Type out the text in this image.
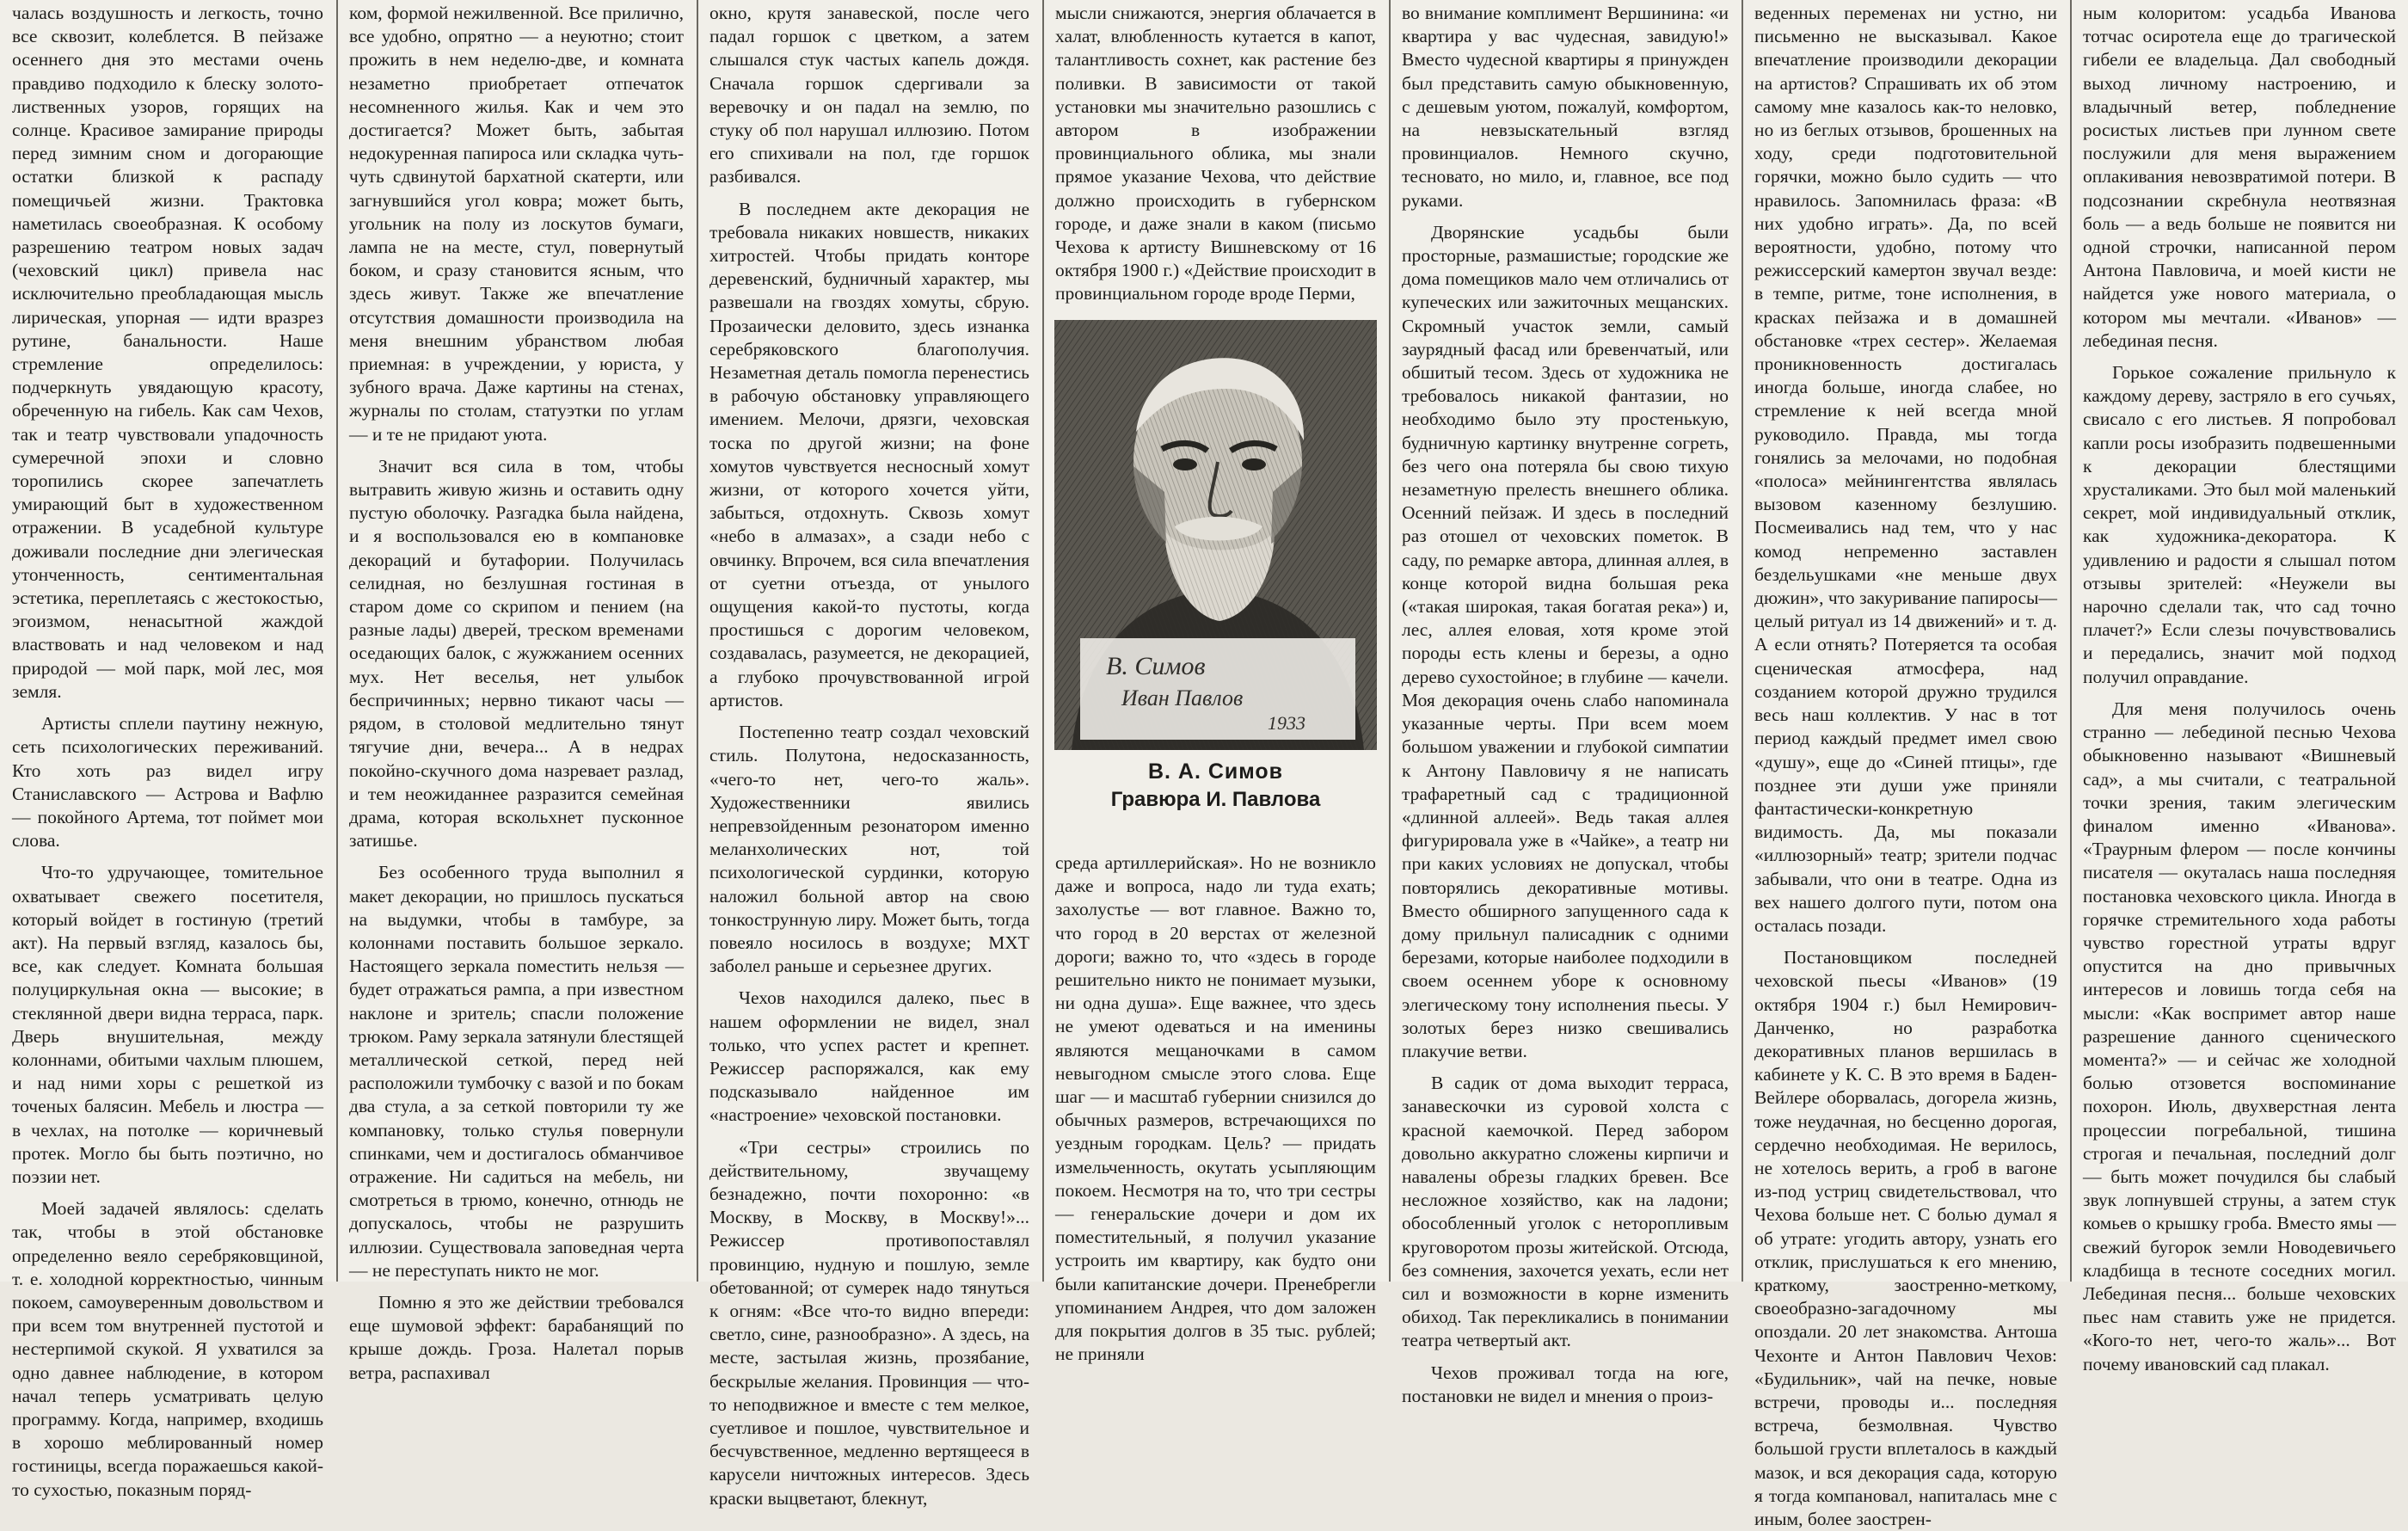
чалась воздушность и легкость, точно все сквозит, колеблется. В пейзаже осеннего дня это местами очень правдиво подходило к блеску золото-лиственных узоров, горящих на солнце. Красивое замирание природы перед зимним сном и догорающие остатки близкой к распаду помещичьей жизни. Трактовка наметилась своеобразная. К особому разрешению театром новых задач (чеховский цикл) привела нас исключительно преобладающая мысль лирическая, упорная — идти вразрез рутине, банальности. Наше стремление определилось: подчеркнуть увядающую красоту, обреченную на гибель. Как сам Чехов, так и театр чувствовали упадочность сумеречной эпохи и словно торопились скорее запечатлеть умирающий быт в художественном отражении. В усадебной культуре доживали последние дни элегическая утонченность, сентиментальная эстетика, переплетаясь с жестокостью, эгоизмом, ненасытной жаждой властвовать и над человеком и над природой — мой парк, мой лес, моя земля.

Артисты сплели паутину нежную, сеть психологических переживаний. Кто хоть раз видел игру Станиславского — Астрова и Вафлю — покойного Артема, тот поймет мои слова.

Что-то удручающее, томительное охватывает свежего посетителя, который войдет в гостиную (третий акт). На первый взгляд, казалось бы, все, как следует. Комната большая полуциркульная окна — высокие; в стеклянной двери видна терраса, парк. Дверь внушительная, между колоннами, обитыми чахлым плюшем, и над ними хоры с решеткой из точеных балясин. Мебель и люстра — в чехлах, на потолке — коричневый протек. Могло бы быть поэтично, но поэзии нет.

Моей задачей являлось: сделать так, чтобы в этой обстановке определенно веяло серебряковщиной, т. е. холодной корректностью, чинным покоем, самоуверенным довольством и при всем том внутренней пустотой и нестерпимой скукой. Я ухватился за одно давнее наблюдение, в котором начал теперь усматривать целую программу. Когда, например, входишь в хорошо меблированный номер гостиницы, всегда поражаешься какой-то сухостью, показным поряд-

ком, формой нежилвенной. Все прилично, все удобно, опрятно — а неуютно; стоит прожить в нем неделю-две, и комната незаметно приобретает отпечаток несомненного жилья. Как и чем это достигается? Может быть, забытая недокуренная папироса или складка чуть-чуть сдвинутой бархатной скатерти, или загнувшийся угол ковра; может быть, угольник на полу из лоскутов бумаги, лампа не на месте, стул, повернутый боком, и сразу становится ясным, что здесь живут. Также же впечатление отсутствия домашности производила на меня внешним убранством любая приемная: в учреждении, у юриста, у зубного врача. Даже картины на стенах, журналы по столам, статуэтки по углам — и те не придают уюта.

Значит вся сила в том, чтобы вытравить живую жизнь и оставить одну пустую оболочку. Разгадка была найдена, и я воспользовался ею в компановке декораций и бутафории. Получилась селидная, но безлушная гостиная в старом доме со скрипом и пением (на разные лады) дверей, треском временами оседающих балок, с жужжанием осенних мух. Нет веселья, нет улыбок беспричинных; нервно тикают часы — рядом, в столовой медлительно тянут тягучие дни, вечера... А в недрах покойно-скучного дома назревает разлад, и тем неожиданнее разразится семейная драма, которая вскольхнет пусконное затишье.

Без особенного труда выполнил я макет декорации, но пришлось пускаться на выдумки, чтобы в тамбуре, за колоннами поставить большое зеркало. Настоящего зеркала поместить нельзя — будет отражаться рампа, а при известном наклоне и зритель; спасли положение трюком. Раму зеркала затянули блестящей металлической сеткой, перед ней расположили тумбочку с вазой и по бокам два стула, а за сеткой повторили ту же компановку, только стулья повернули спинками, чем и достигалось обманчивое отражение. Ни садиться на мебель, ни смотреться в трюмо, конечно, отнюдь не допускалось, чтобы не разрушить иллюзии. Существовала заповедная черта — не переступать никто не мог.

Помню я это же действии требовался еще шумовой эффект: барабанящий по крыше дождь. Гроза. Налетал порыв ветра, распахивал

окно, крутя занавеской, после чего падал горшок с цветком, а затем слышался стук частых капель дождя. Сначала горшок сдергивали за веревочку и он падал на землю, по стуку об пол нарушал иллюзию. Потом его спихивали на пол, где горшок разбивался.

В последнем акте декорация не требовала никаких новшеств, никаких хитростей. Чтобы придать конторе деревенский, будничный характер, мы развешали на гвоздях хомуты, сбрую. Прозаически деловито, здесь изнанка серебряковского благополучия. Незаметная деталь помогла перенестись в рабочую обстановку управляющего имением. Мелочи, дрязги, чеховская тоска по другой жизни; на фоне хомутов чувствуется несносный хомут жизни, от которого хочется уйти, забыться, отдохнуть. Сквозь хомут «небо в алмазах», а сзади небо с овчинку. Впрочем, вся сила впечатления от суетни отъезда, от унылого ощущения какой-то пустоты, когда простишься с дорогим человеком, создавалась, разумеется, не декорацией, а глубоко прочувствованной игрой артистов.

Постепенно театр создал чеховский стиль. Полутона, недосказанность, «чего-то нет, чего-то жаль». Художественники явились непревзойденным резонатором именно меланхолических нот, той психологической сурдинки, которую наложил больной автор на свою тонкострунную лиру. Может быть, тогда повеяло носилось в воздухе; МХТ заболел раньше и серьезнее других.

Чехов находился далеко, пьес в нашем оформлении не видел, знал только, что успех растет и крепнет. Режиссер распоряжался, как ему подсказывало найденное им «настроение» чеховской постановки.

«Три сестры» строились по действительному, звучащему безнадежно, почти похоронно: «в Москву, в Москву, в Москву!»... Режиссер противопоставлял провинцию, нудную и пошлую, земле обетованной; от сумерек надо тянуться к огням: «Все что-то видно впереди: светло, сине, разнообразно». А здесь, на месте, застылая жизнь, прозябание, бескрылые желания. Провинция — что-то неподвижное и вместе с тем мелкое, суетливое и пошлое, чувствительное и бесчувственное, медленно вертящееся в карусели ничтожных интересов. Здесь краски выцветают, блекнут,

мысли снижаются, энергия облачается в халат, влюбленность кутается в капот, талантливость сохнет, как растение без поливки. В зависимости от такой установки мы значительно разошлись с автором в изображении провинциального облика, мы знали прямое указание Чехова, что действие должно происходить в губернском городе, и даже знали в каком (письмо Чехова к артисту Вишневскому от 16 октября 1900 г.) «Действие происходит в провинциальном городе вроде Перми,

среда артиллерийская». Но не возникло даже и вопроса, надо ли туда ехать; захолустье — вот главное. Важно то, что город в 20 верстах от железной дороги; важно то, что «здесь в городе решительно никто не понимает музыки, ни одна душа». Еще важнее, что здесь не умеют одеваться и на именины являются мещаночками в самом невыгодном смысле этого слова. Еще шаг — и масштаб губернии снизился до обычных размеров, встречающихся по уездным городкам. Цель? — придать измельченность, окутать усыпляющим покоем. Несмотря на то, что три сестры — генеральские дочери и дом их поместительный, я получил указание устроить им квартиру, как будто они были капитанские дочери. Пренебрегли упоминанием Андрея, что дом заложен для покрытия долгов в 35 тыс. рублей; не приняли

В. Симов
Иван Павлов
1933
В. А. Симов
Гравюра И. Павлова

во внимание комплимент Вершинина: «и квартира у вас чудесная, завидую!» Вместо чудесной квартиры я принужден был представить самую обыкновенную, с дешевым уютом, пожалуй, комфортом, на невзыскательный взгляд провинциалов. Немного скучно, тесновато, но мило, и, главное, все под руками.

Дворянские усадьбы были просторные, размашистые; городские же дома помещиков мало чем отличались от купеческих или зажиточных мещанских. Скромный участок земли, самый заурядный фасад или бревенчатый, или обшитый тесом. Здесь от художника не требовалось никакой фантазии, но необходимо было эту простенькую, будничную картинку внутренне согреть, без чего она потеряла бы свою тихую незаметную прелесть внешнего облика. Осенний пейзаж. И здесь в последний раз отошел от чеховских пометок. В саду, по ремарке автора, длинная аллея, в конце которой видна большая река («такая широкая, такая богатая река») и, лес, аллея еловая, хотя кроме этой породы есть клены и березы, а одно дерево сухостойное; в глубине — качели. Моя декорация очень слабо напоминала указанные черты. При всем моем большом уважении и глубокой симпатии к Антону Павловичу я не написать трафаретный сад с традиционной «длинной аллеей». Ведь такая аллея фигурировала уже в «Чайке», а театр ни при каких условиях не допускал, чтобы повторялись декоративные мотивы. Вместо обширного запущенного сада к дому прильнул палисадник с одними березами, которые наиболее подходили в своем осеннем уборе к основному элегическому тону исполнения пьесы. У золотых берез низко свешивались плакучие ветви.

В садик от дома выходит терраса, занавескочки из суровой холста с красной каемочкой. Перед забором довольно аккуратно сложены кирпичи и навалены обрезы гладких бревен. Все несложное хозяйство, как на ладони; обособленный уголок с неторопливым круговоротом прозы житейской. Отсюда, без сомнения, захочется уехать, если нет сил и возможности в корне изменить обиход. Так перекликались в понимании театра четвертый акт.

Чехов проживал тогда на юге, постановки не видел и мнения о произ-

веденных переменах ни устно, ни письменно не высказывал. Какое впечатление производили декорации на артистов? Спрашивать их об этом самому мне казалось как-то неловко, но из беглых отзывов, брошенных на ходу, среди подготовительной горячки, можно было судить — что нравилось. Запомнилась фраза: «В них удобно играть». Да, по всей вероятности, удобно, потому что режиссерский камертон звучал везде: в темпе, ритме, тоне исполнения, в красках пейзажа и в домашней обстановке «трех сестер». Желаемая проникновенность достигалась иногда больше, иногда слабее, но стремление к ней всегда мной руководило. Правда, мы тогда гонялись за мелочами, но подобная «полоса» мейнингентства являлась вызовом казенному безлушию. Посмеивались над тем, что у нас комод непременно заставлен бездельушками «не меньше двух дюжин», что закуривание папиросы—целый ритуал из 14 движений» и т. д. А если отнять? Потеряется та особая сценическая атмосфера, над созданием которой дружно трудился весь наш коллектив. У нас в тот период каждый предмет имел свою «душу», еще до «Синей птицы», где позднее эти души уже приняли фантастически-конкретную видимость. Да, мы показали «иллюзорный» театр; зрители подчас забывали, что они в театре. Одна из вех нашего долгого пути, потом она осталась позади.

Постановщиком последней чеховской пьесы «Иванов» (19 октября 1904 г.) был Немирович-Данченко, но разработка декоративных планов вершилась в кабинете у К. С. В это время в Баден-Вейлере оборвалась, догорела жизнь, тоже неудачная, но бесценно дорогая, сердечно необходимая. Не верилось, не хотелось верить, а гроб в вагоне из-под устриц свидетельствовал, что Чехова больше нет. С болью думал я об утрате: угодить автору, узнать его отклик, прислушаться к его мнению, краткому, заостренно-меткому, своеобразно-загадочному мы опоздали. 20 лет знакомства. Антоша Чехонте и Антон Павлович Чехов: «Будильник», чай на печке, новые встречи, проводы и... последняя встреча, безмолвная. Чувство большой грусти вплеталось в каждый мазок, и вся декорация сада, которую я тогда компановал, напиталась мне с иным, более заострен-

ным колоритом: усадьба Иванова тотчас осиротела еще до трагической гибели ее владельца. Дал свободный выход личному настроению, и владычный ветер, побледнение росистых листьев при лунном свете послужили для меня выражением оплакивания невозвратимой потери. В подсознании скребнула неотвязная боль — а ведь больше не появится ни одной строчки, написанной пером Антона Павловича, и моей кисти не найдется уже нового материала, о котором мы мечтали. «Иванов» — лебединая песня.

Горькое сожаление прильнуло к каждому дереву, застряло в его сучьях, свисало с его листьев. Я попробовал капли росы изобразить подвешенными к декорации блестящими хрусталиками. Это был мой маленький секрет, мой индивидуальный отклик, как художника-декоратора. К удивлению и радости я слышал потом отзывы зрителей: «Неужели вы нарочно сделали так, что сад точно плачет?» Если слезы почувствовались и передались, значит мой подход получил оправдание.

Для меня получилось очень странно — лебединой песнью Чехова обыкновенно называют «Вишневый сад», а мы считали, с театральной точки зрения, таким элегическим финалом именно «Иванова». «Траурным флером — после кончины писателя — окуталась наша последняя постановка чеховского цикла. Иногда в горячке стремительного хода работы чувство горестной утраты вдруг опустится на дно привычных интересов и ловишь тогда себя на мысли: «Как воспримет автор наше разрешение данного сценического момента?» — и сейчас же холодной болью отзовется воспоминание похорон. Июль, двухверстная лента процессии погребальной, тишина строгая и печальная, последний долг — быть может почудился бы слабый звук лопнувшей струны, а затем стук комьев о крышку гроба. Вместо ямы — свежий бугорок земли Новодевичьего кладбища в тесноте соседних могил. Лебединая песня... больше чеховских пьес нам ставить уже не придется. «Кого-то нет, чего-то жаль»... Вот почему ивановский сад плакал.
